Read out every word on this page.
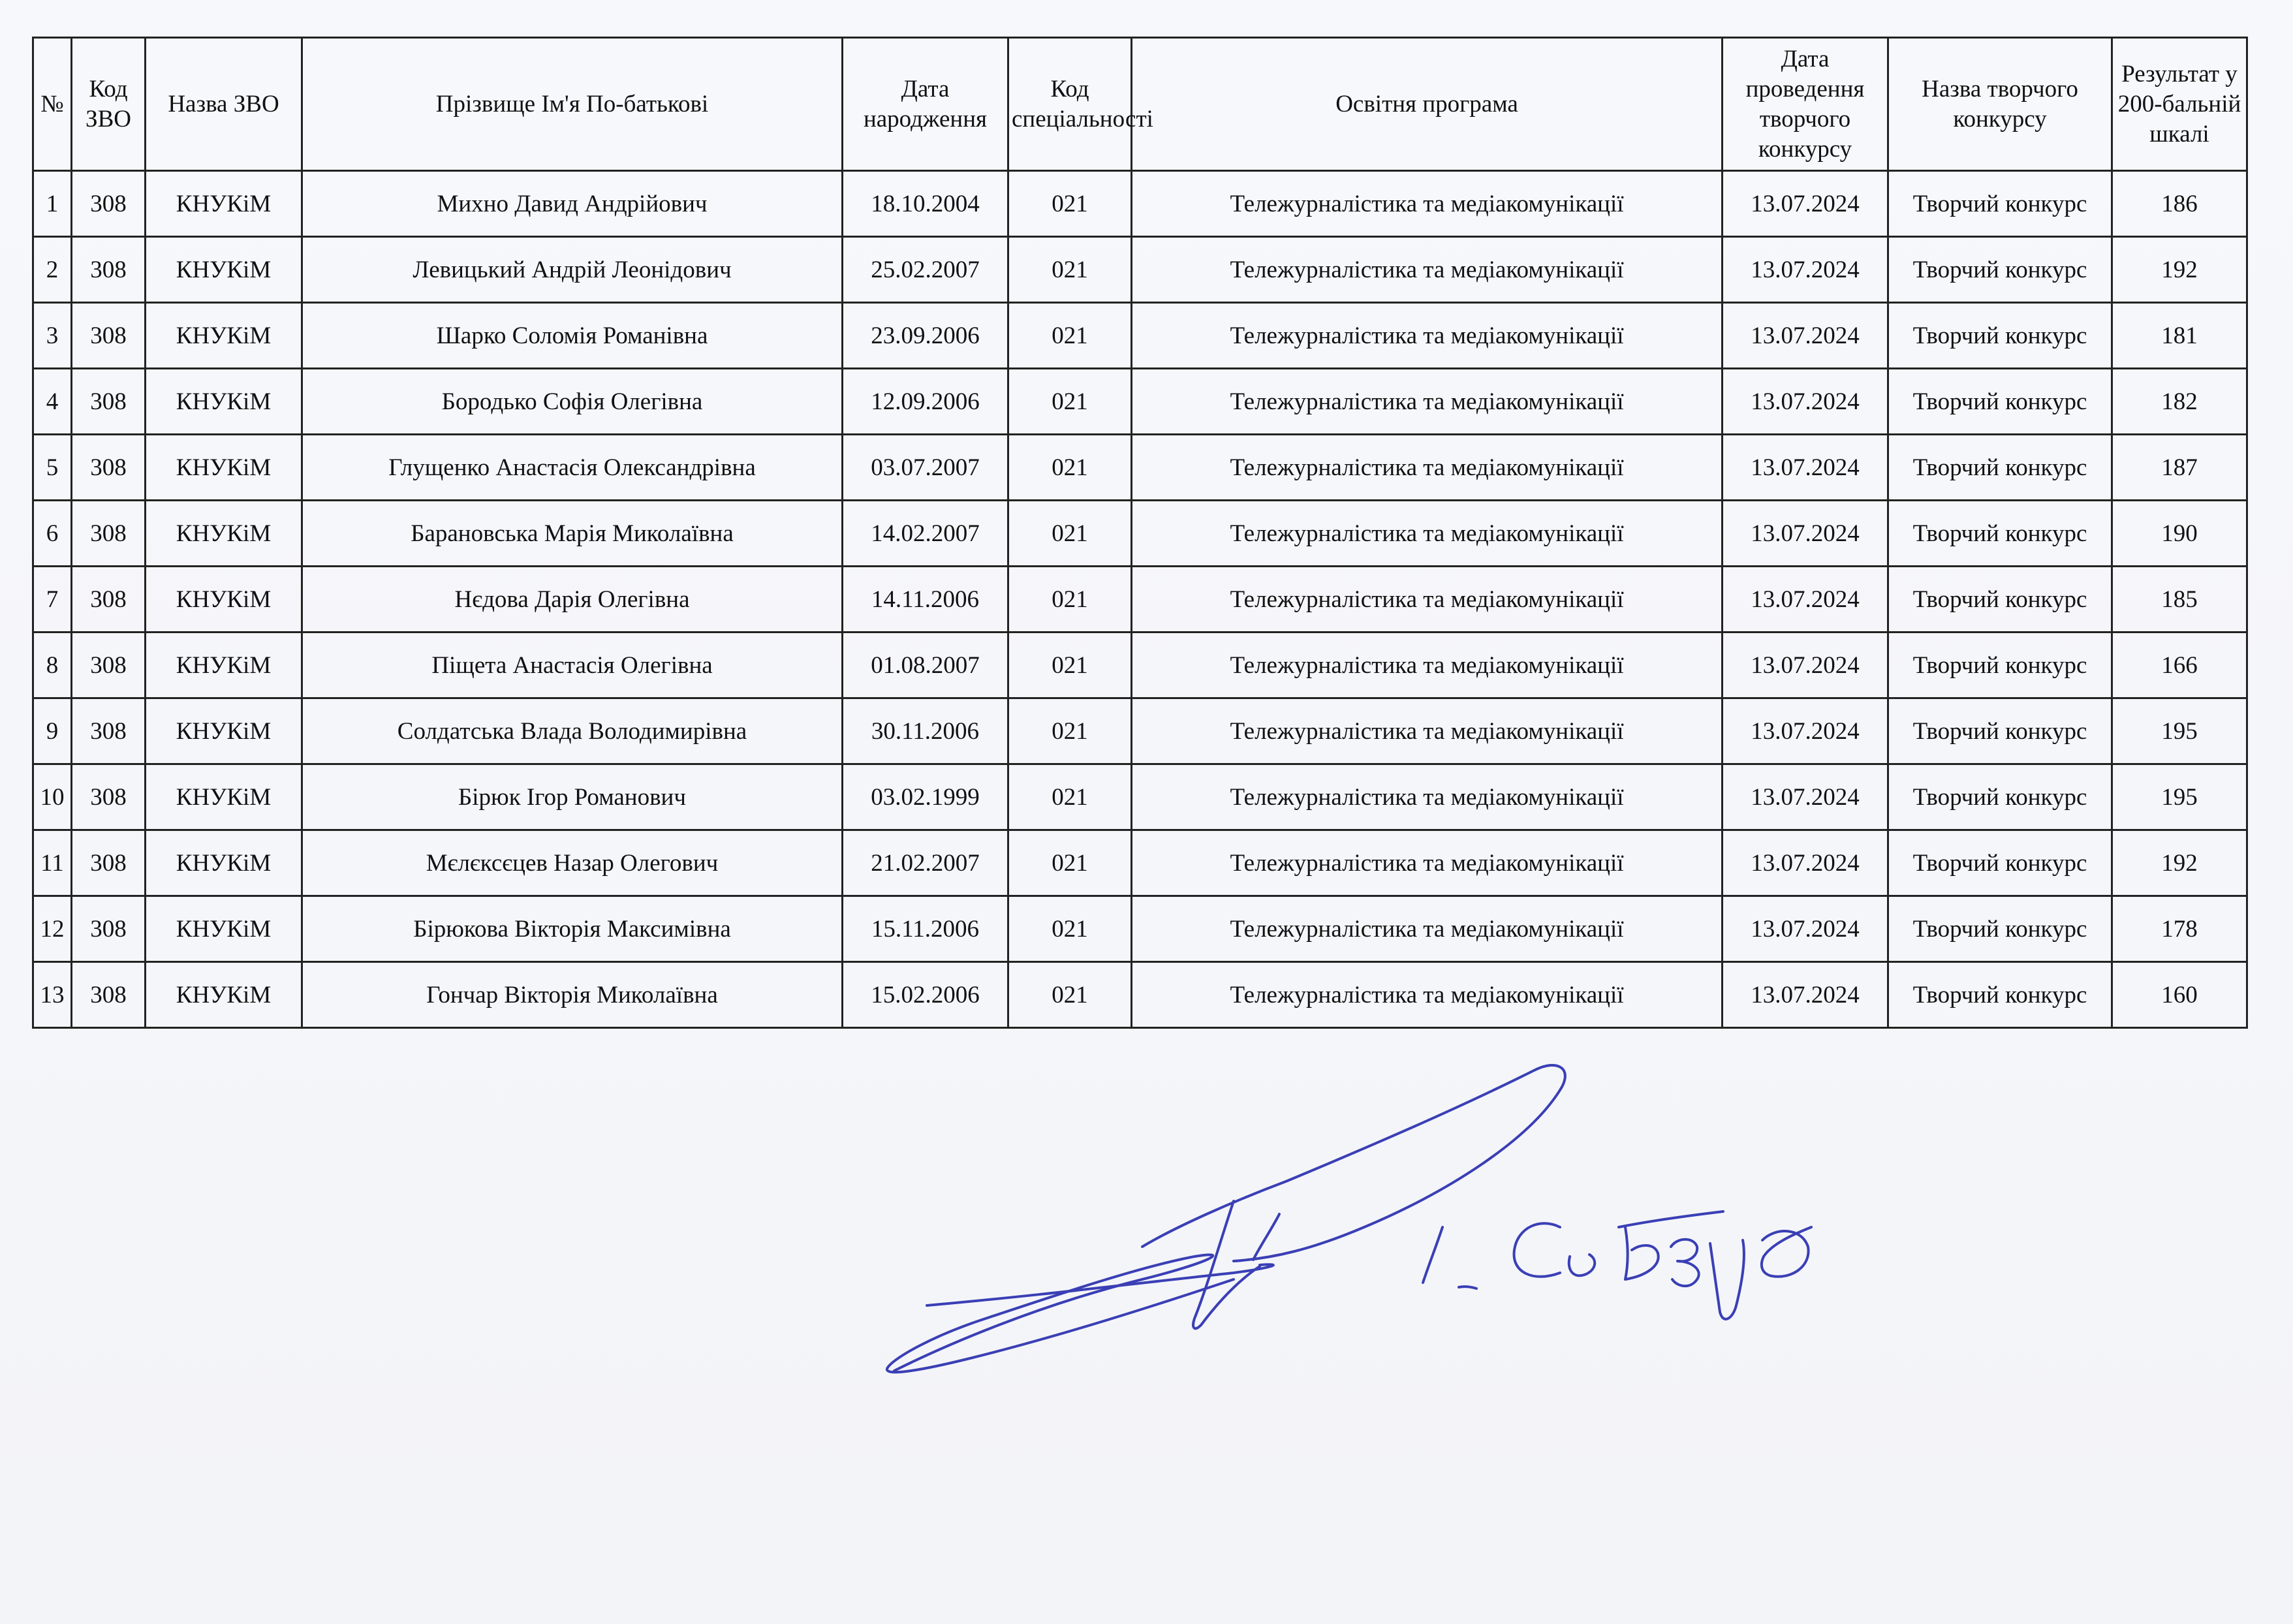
№	Код ЗВО	Назва ЗВО	Прізвище Ім'я По-батькові	Дата народження	Код спеціальності	Освітня програма	Дата проведення творчого конкурсу	Назва творчого конкурсу	Результат у 200-бальній шкалі
1	308	КНУКіМ	Михно Давид Андрійович	18.10.2004	021	Тележурналістика та медіакомунікації	13.07.2024	Творчий конкурс	186
2	308	КНУКіМ	Левицький Андрій Леонідович	25.02.2007	021	Тележурналістика та медіакомунікації	13.07.2024	Творчий конкурс	192
3	308	КНУКіМ	Шарко Соломія Романівна	23.09.2006	021	Тележурналістика та медіакомунікації	13.07.2024	Творчий конкурс	181
4	308	КНУКіМ	Бородько Софія Олегівна	12.09.2006	021	Тележурналістика та медіакомунікації	13.07.2024	Творчий конкурс	182
5	308	КНУКіМ	Глущенко Анастасія Олександрівна	03.07.2007	021	Тележурналістика та медіакомунікації	13.07.2024	Творчий конкурс	187
6	308	КНУКіМ	Барановська Марія Миколаївна	14.02.2007	021	Тележурналістика та медіакомунікації	13.07.2024	Творчий конкурс	190
7	308	КНУКіМ	Нєдова Дарія Олегівна	14.11.2006	021	Тележурналістика та медіакомунікації	13.07.2024	Творчий конкурс	185
8	308	КНУКіМ	Піщета Анастасія Олегівна	01.08.2007	021	Тележурналістика та медіакомунікації	13.07.2024	Творчий конкурс	166
9	308	КНУКіМ	Солдатська Влада Володимирівна	30.11.2006	021	Тележурналістика та медіакомунікації	13.07.2024	Творчий конкурс	195
10	308	КНУКіМ	Бірюк Ігор Романович	03.02.1999	021	Тележурналістика та медіакомунікації	13.07.2024	Творчий конкурс	195
11	308	КНУКіМ	Мєлєксєцев Назар Олегович	21.02.2007	021	Тележурналістика та медіакомунікації	13.07.2024	Творчий конкурс	192
12	308	КНУКіМ	Бірюкова Вікторія Максимівна	15.11.2006	021	Тележурналістика та медіакомунікації	13.07.2024	Творчий конкурс	178
13	308	КНУКіМ	Гончар Вікторія Миколаївна	15.02.2006	021	Тележурналістика та медіакомунікації	13.07.2024	Творчий конкурс	160
